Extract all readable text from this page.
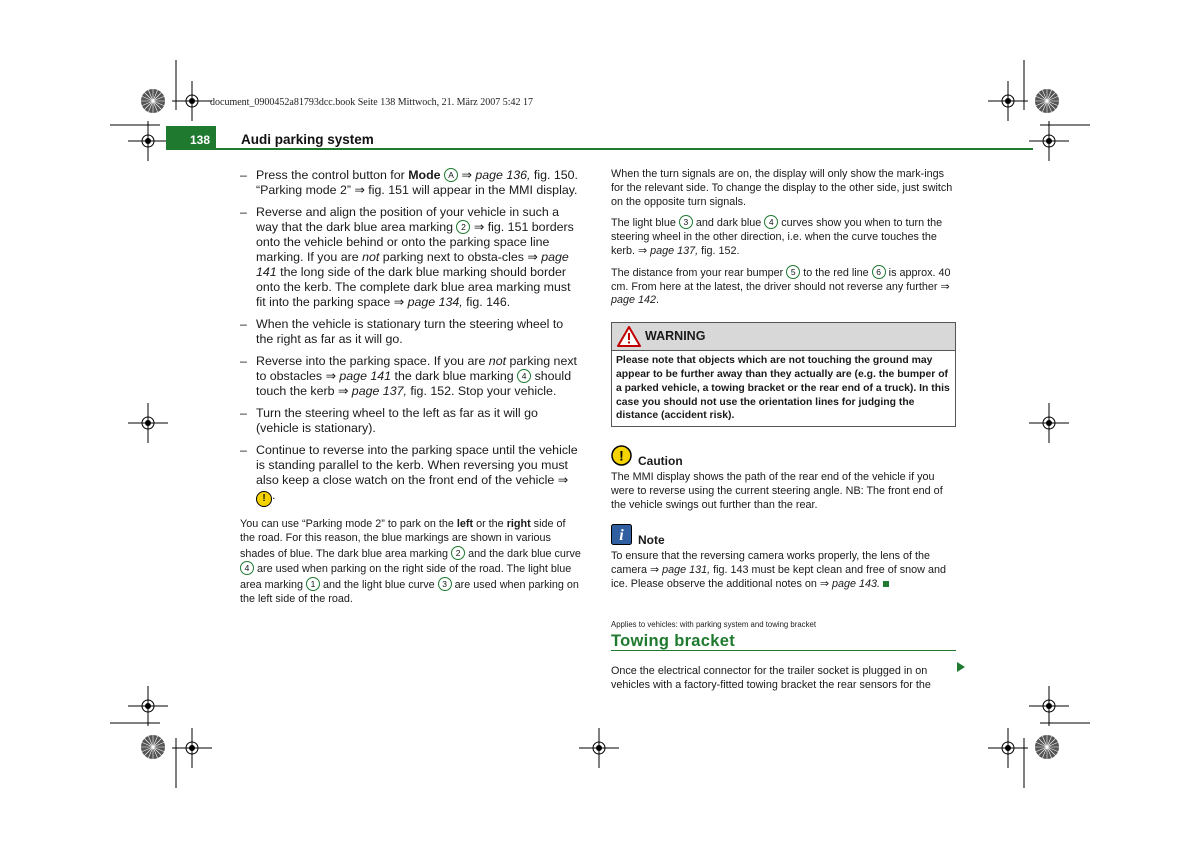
document_0900452a81793dcc.book Seite 138 Mittwoch, 21. März 2007 5:42 17
138 Audi parking system
– Press the control button for Mode A ⇒ page 136, fig. 150. “Parking mode 2” ⇒ fig. 151 will appear in the MMI display.
– Reverse and align the position of your vehicle in such a way that the dark blue area marking 2 ⇒ fig. 151 borders onto the vehicle behind or onto the parking space line marking. If you are not parking next to obsta-cles ⇒ page 141 the long side of the dark blue marking should border onto the kerb. The complete dark blue area marking must fit into the parking space ⇒ page 134, fig. 146.
– When the vehicle is stationary turn the steering wheel to the right as far as it will go.
– Reverse into the parking space. If you are not parking next to obstacles ⇒ page 141 the dark blue marking 4 should touch the kerb ⇒ page 137, fig. 152. Stop your vehicle.
– Turn the steering wheel to the left as far as it will go (vehicle is stationary).
– Continue to reverse into the parking space until the vehicle is standing parallel to the kerb. When reversing you must also keep a close watch on the front end of the vehicle ⇒ ! .
You can use “Parking mode 2” to park on the left or the right side of the road. For this reason, the blue markings are shown in various shades of blue. The dark blue area marking 2 and the dark blue curve 4 are used when parking on the right side of the road. The light blue area marking 1 and the light blue curve 3 are used when parking on the left side of the road.

When the turn signals are on, the display will only show the mark-ings for the relevant side. To change the display to the other side, just switch on the opposite turn signals.

The light blue 3 and dark blue 4 curves show you when to turn the steering wheel in the other direction, i.e. when the curve touches the kerb. ⇒ page 137, fig. 152.

The distance from your rear bumper 5 to the red line 6 is approx. 40 cm. From here at the latest, the driver should not reverse any further ⇒ page 142.

WARNING
Please note that objects which are not touching the ground may appear to be further away than they actually are (e.g. the bumper of a parked vehicle, a towing bracket or the rear end of a truck). In this case you should not use the orientation lines for judging the distance (accident risk).
! Caution
The MMI display shows the path of the rear end of the vehicle if you were to reverse using the current steering angle. NB: The front end of the vehicle swings out further than the rear.
i Note
To ensure that the reversing camera works properly, the lens of the camera ⇒ page 131, fig. 143 must be kept clean and free of snow and ice. Please observe the additional notes on ⇒ page 143.
Applies to vehicles: with parking system and towing bracket
Towing bracket

Once the electrical connector for the trailer socket is plugged in on vehicles with a factory-fitted towing bracket the rear sensors for the
